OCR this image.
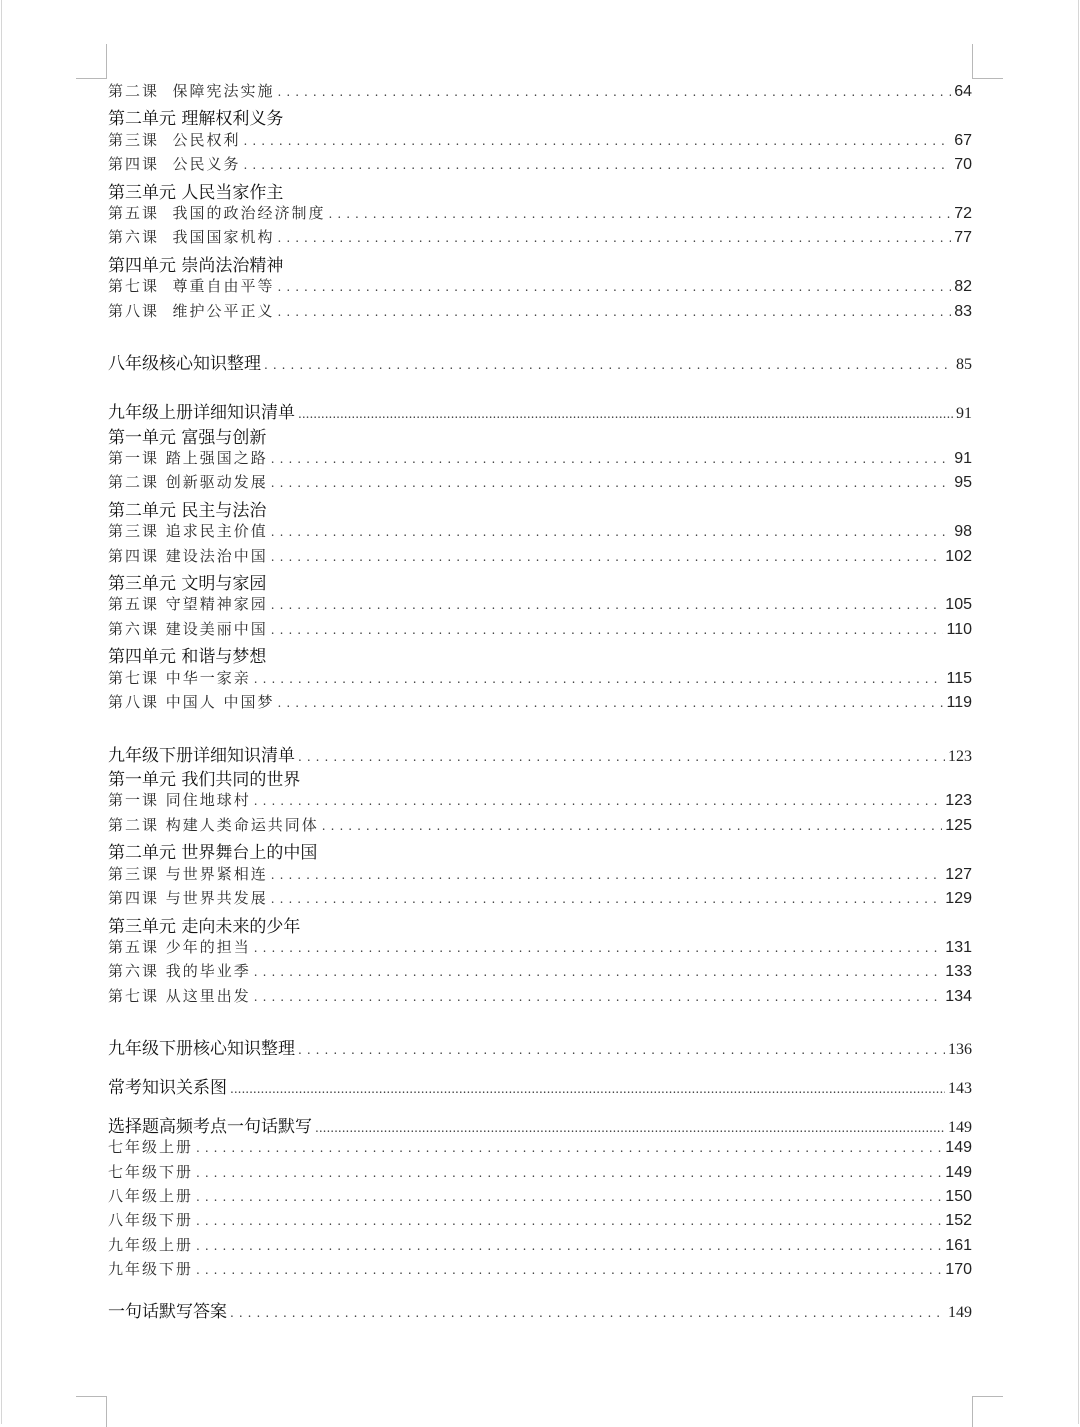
第二课  保障宪法实施 . . .	64
第二单元 理解权利义务
第三课  公民权利 . . .	67
第四课  公民义务 . . .	70
第三单元 人民当家作主
第五课  我国的政治经济制度 . . .	72
第六课  我国国家机构 . . .	77
第四单元 崇尚法治精神
第七课  尊重自由平等 . . .	82
第八课  维护公平正义 . . .	83
八年级核心知识整理 . . .	85
九年级上册详细知识清单 .....	91
第一单元 富强与创新
第一课 踏上强国之路 . . .	91
第二课 创新驱动发展 . . .	95
第二单元 民主与法治
第三课 追求民主价值 . . .	98
第四课 建设法治中国 . . .	102
第三单元 文明与家园
第五课 守望精神家园 . . .	105
第六课 建设美丽中国 . . .	110
第四单元 和谐与梦想
第七课 中华一家亲 . . .	115
第八课 中国人 中国梦 . . .	119
九年级下册详细知识清单 . . .	123
第一单元 我们共同的世界
第一课 同住地球村 . . .	123
第二课 构建人类命运共同体 . . .	125
第二单元 世界舞台上的中国
第三课 与世界紧相连 . . .	127
第四课 与世界共发展 . . .	129
第三单元 走向未来的少年
第五课 少年的担当 . . .	131
第六课 我的毕业季 . . .	133
第七课 从这里出发 . . .	134
九年级下册核心知识整理 . . .	136
常考知识关系图 .....	143
选择题高频考点一句话默写 .....	149
七年级上册 . . .	149
七年级下册 . . .	149
八年级上册 . . .	150
八年级下册 . . .	152
九年级上册 . . .	161
九年级下册 . . .	170
一句话默写答案 . . .	149
